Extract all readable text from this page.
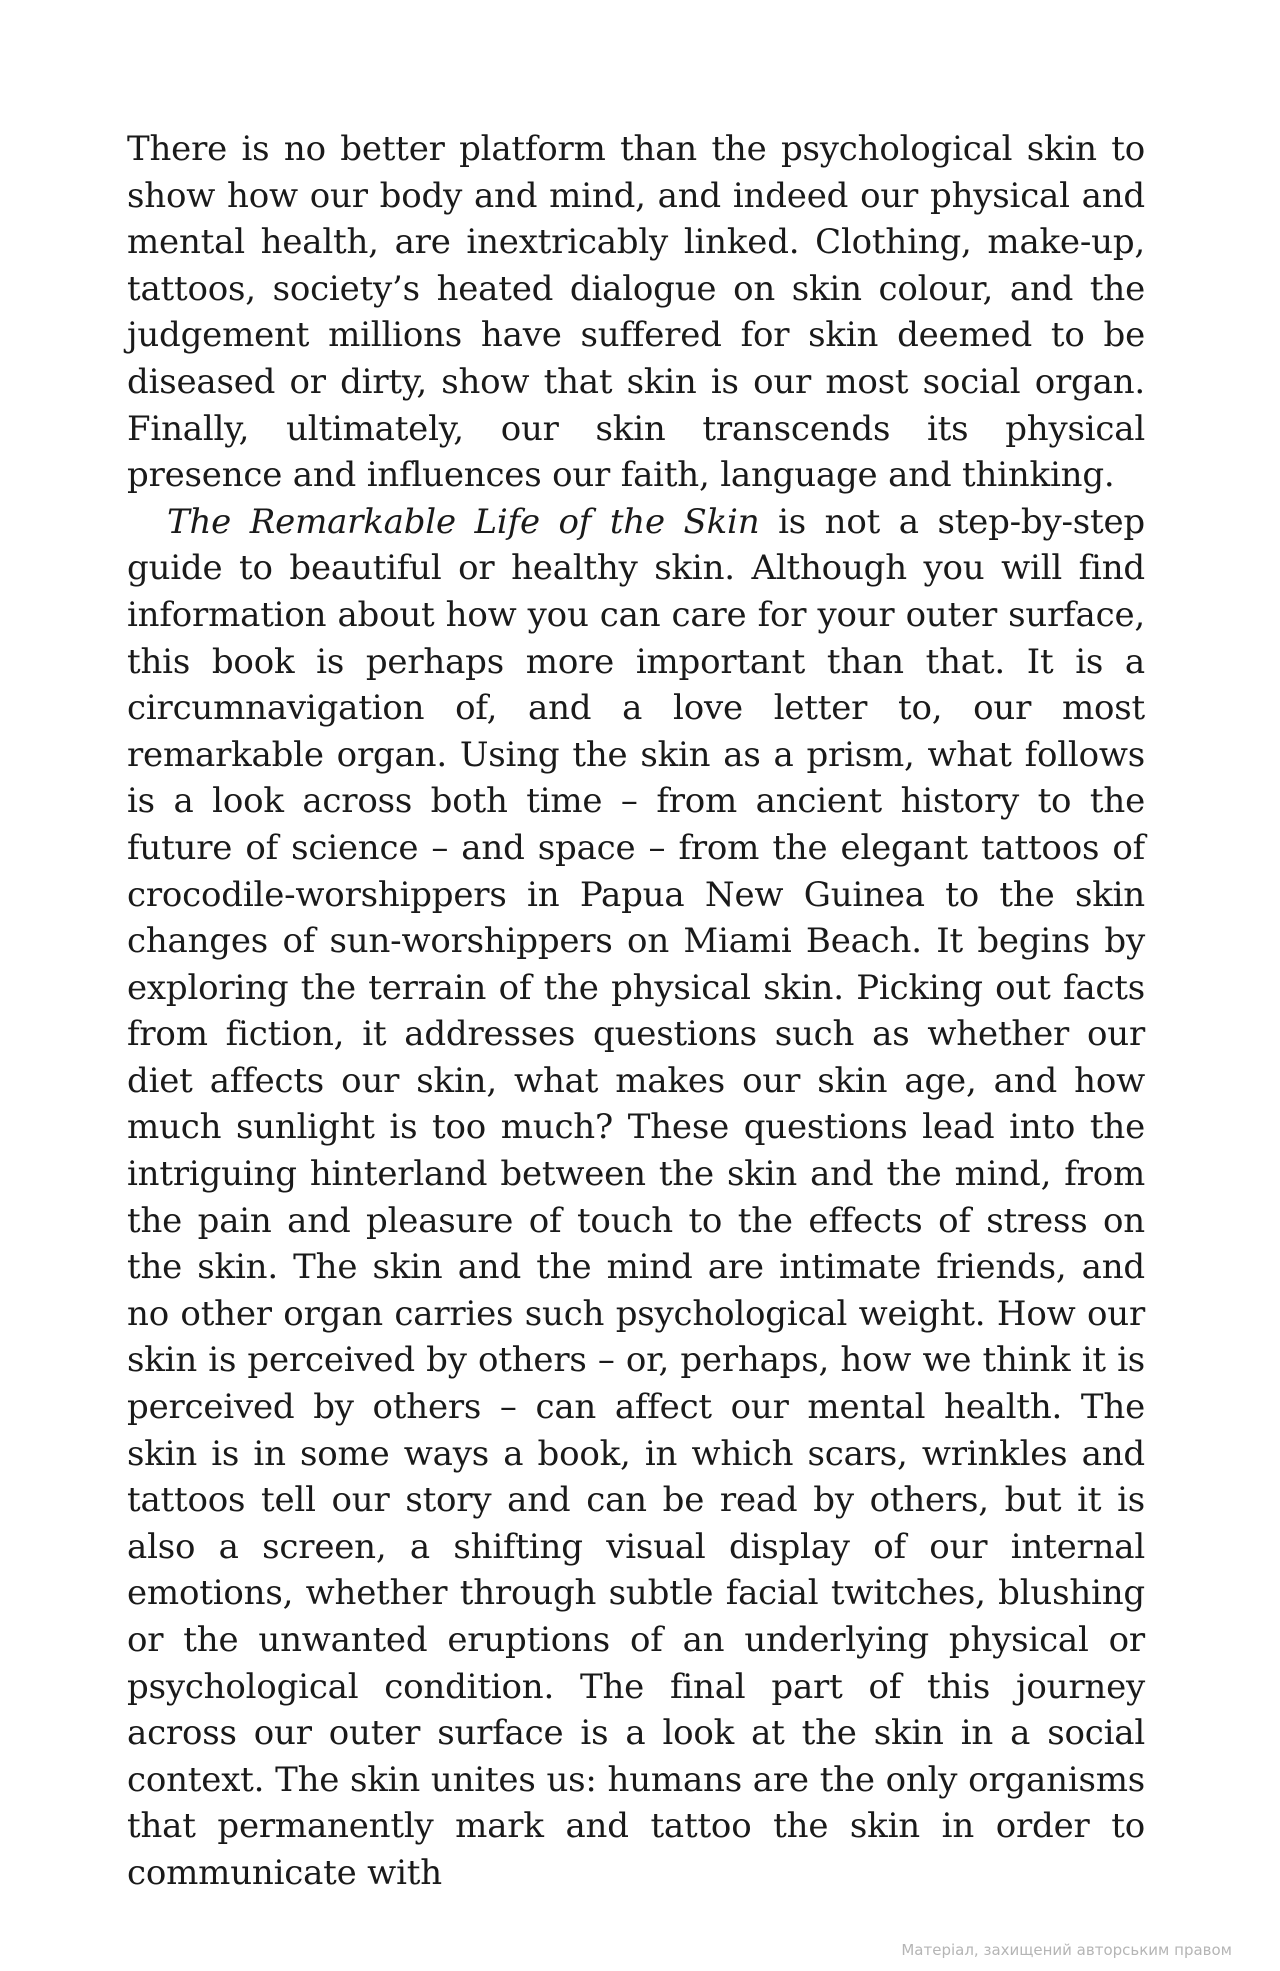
There is no better platform than the psychological skin to show how our body and mind, and indeed our physical and mental health, are inextricably linked. Clothing, make-up, tattoos, society’s heated dialogue on skin colour, and the judgement millions have suffered for skin deemed to be diseased or dirty, show that skin is our most social organ. Finally, ultimately, our skin transcends its physical presence and influences our faith, language and thinking.

The Remarkable Life of the Skin is not a step-by-step guide to beautiful or healthy skin. Although you will find information about how you can care for your outer surface, this book is perhaps more important than that. It is a circumnavigation of, and a love letter to, our most remarkable organ. Using the skin as a prism, what follows is a look across both time – from ancient history to the future of science – and space – from the elegant tattoos of crocodile-worshippers in Papua New Guinea to the skin changes of sun-worshippers on Miami Beach. It begins by exploring the terrain of the physical skin. Picking out facts from fiction, it addresses questions such as whether our diet affects our skin, what makes our skin age, and how much sunlight is too much? These questions lead into the intriguing hinterland between the skin and the mind, from the pain and pleasure of touch to the effects of stress on the skin. The skin and the mind are intimate friends, and no other organ carries such psychological weight. How our skin is perceived by others – or, perhaps, how we think it is perceived by others – can affect our mental health. The skin is in some ways a book, in which scars, wrinkles and tattoos tell our story and can be read by others, but it is also a screen, a shifting visual display of our internal emotions, whether through subtle facial twitches, blushing or the unwanted eruptions of an underlying physical or psychological condition. The final part of this journey across our outer surface is a look at the skin in a social context. The skin unites us: humans are the only organisms that permanently mark and tattoo the skin in order to communicate with

Матеріал, захищений авторським правом
